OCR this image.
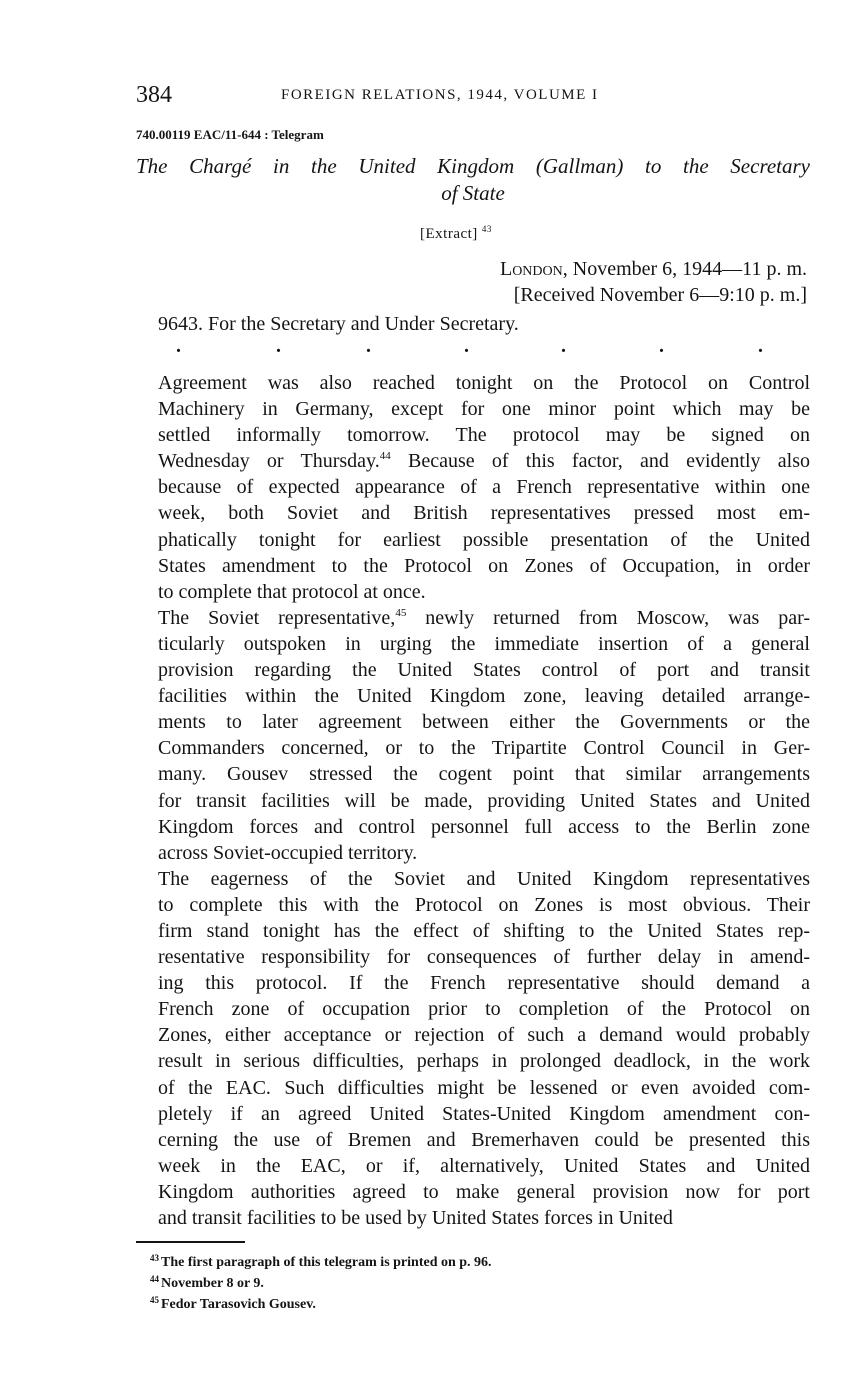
384	FOREIGN RELATIONS, 1944, VOLUME I
740.00119 EAC/11-644 : Telegram
The Chargé in the United Kingdom (Gallman) to the Secretary
of State
[Extract] $^{43}$
London, November 6, 1944—11 p. m.
[Received November 6—9:10 p. m.]
9643. For the Secretary and Under Secretary.
.	.	.	.	.	.	.
Agreement was also reached tonight on the Protocol on Control
Machinery in Germany, except for one minor point which may be
settled informally tomorrow. The protocol may be signed on
Wednesday or Thursday.$^{44}$ Because of this factor, and evidently also
because of expected appearance of a French representative within one
week, both Soviet and British representatives pressed most em-
phatically tonight for earliest possible presentation of the United
States amendment to the Protocol on Zones of Occupation, in order
to complete that protocol at once.
The Soviet representative,$^{45}$ newly returned from Moscow, was par-
ticularly outspoken in urging the immediate insertion of a general
provision regarding the United States control of port and transit
facilities within the United Kingdom zone, leaving detailed arrange-
ments to later agreement between either the Governments or the
Commanders concerned, or to the Tripartite Control Council in Ger-
many. Gousev stressed the cogent point that similar arrangements
for transit facilities will be made, providing United States and United
Kingdom forces and control personnel full access to the Berlin zone
across Soviet-occupied territory.
The eagerness of the Soviet and United Kingdom representatives
to complete this with the Protocol on Zones is most obvious. Their
firm stand tonight has the effect of shifting to the United States rep-
resentative responsibility for consequences of further delay in amend-
ing this protocol. If the French representative should demand a
French zone of occupation prior to completion of the Protocol on
Zones, either acceptance or rejection of such a demand would probably
result in serious difficulties, perhaps in prolonged deadlock, in the work
of the EAC. Such difficulties might be lessened or even avoided com-
pletely if an agreed United States-United Kingdom amendment con-
cerning the use of Bremen and Bremerhaven could be presented this
week in the EAC, or if, alternatively, United States and United
Kingdom authorities agreed to make general provision now for port
and transit facilities to be used by United States forces in United
$^{43}$ The first paragraph of this telegram is printed on p. 96.
$^{44}$ November 8 or 9.
$^{45}$ Fedor Tarasovich Gousev.
